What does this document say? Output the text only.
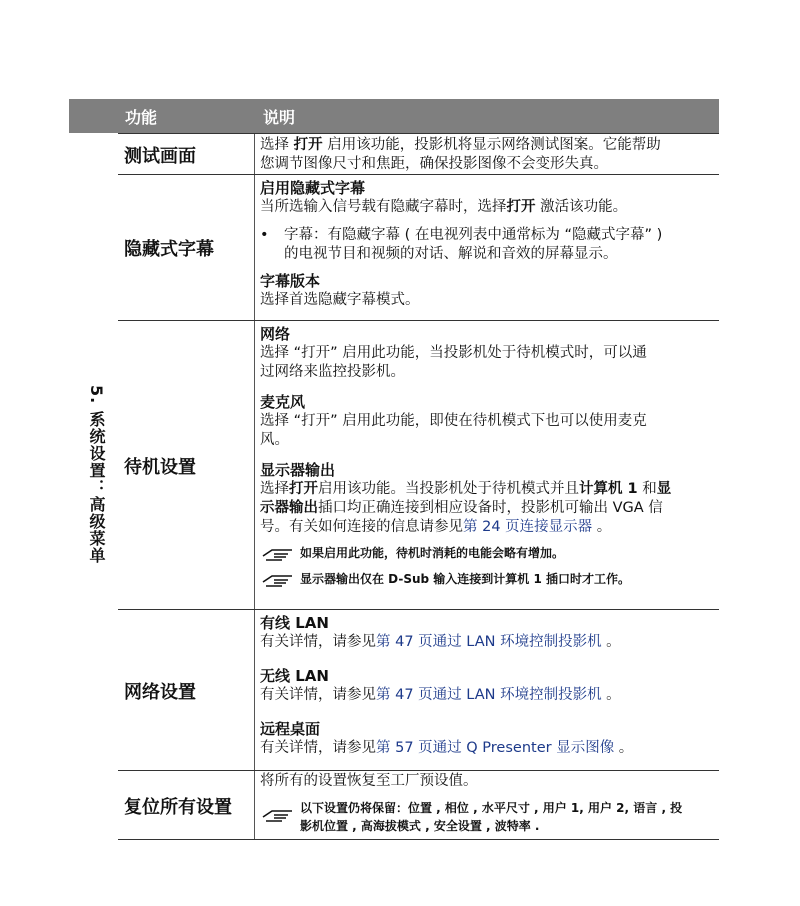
5. 系统设置：高级菜单
功能	说明
测试画面
选择 打开 启用该功能，投影机将显示网络测试图案。它能帮助
您调节图像尺寸和焦距，确保投影图像不会变形失真。
隐藏式字幕
启用隐藏式字幕
当所选输入信号载有隐藏字幕时，选择打开 激活该功能。
•	字幕：有隐藏字幕 ( 在电视列表中通常标为 “隐藏式字幕” )
的电视节目和视频的对话、解说和音效的屏幕显示。
字幕版本
选择首选隐藏字幕模式。
待机设置
网络
选择 “打开” 启用此功能，当投影机处于待机模式时，可以通
过网络来监控投影机。
麦克风
选择 “打开” 启用此功能，即使在待机模式下也可以使用麦克
风。
显示器输出
选择打开启用该功能。当投影机处于待机模式并且计算机 1 和显
示器输出插口均正确连接到相应设备时，投影机可输出 VGA 信
号。有关如何连接的信息请参见第 24 页连接显示器 。
如果启用此功能，待机时消耗的电能会略有增加。
显示器输出仅在 D-Sub 输入连接到计算机 1 插口时才工作。
网络设置
有线 LAN
有关详情，请参见第 47 页通过 LAN 环境控制投影机 。
无线 LAN
有关详情，请参见第 47 页通过 LAN 环境控制投影机 。
远程桌面
有关详情，请参见第 57 页通过 Q Presenter 显示图像 。
复位所有设置
将所有的设置恢复至工厂预设值。
以下设置仍将保留：位置 , 相位 , 水平尺寸 , 用户 1, 用户 2, 语言 , 投
影机位置 , 高海拔模式 , 安全设置 , 波特率 .
